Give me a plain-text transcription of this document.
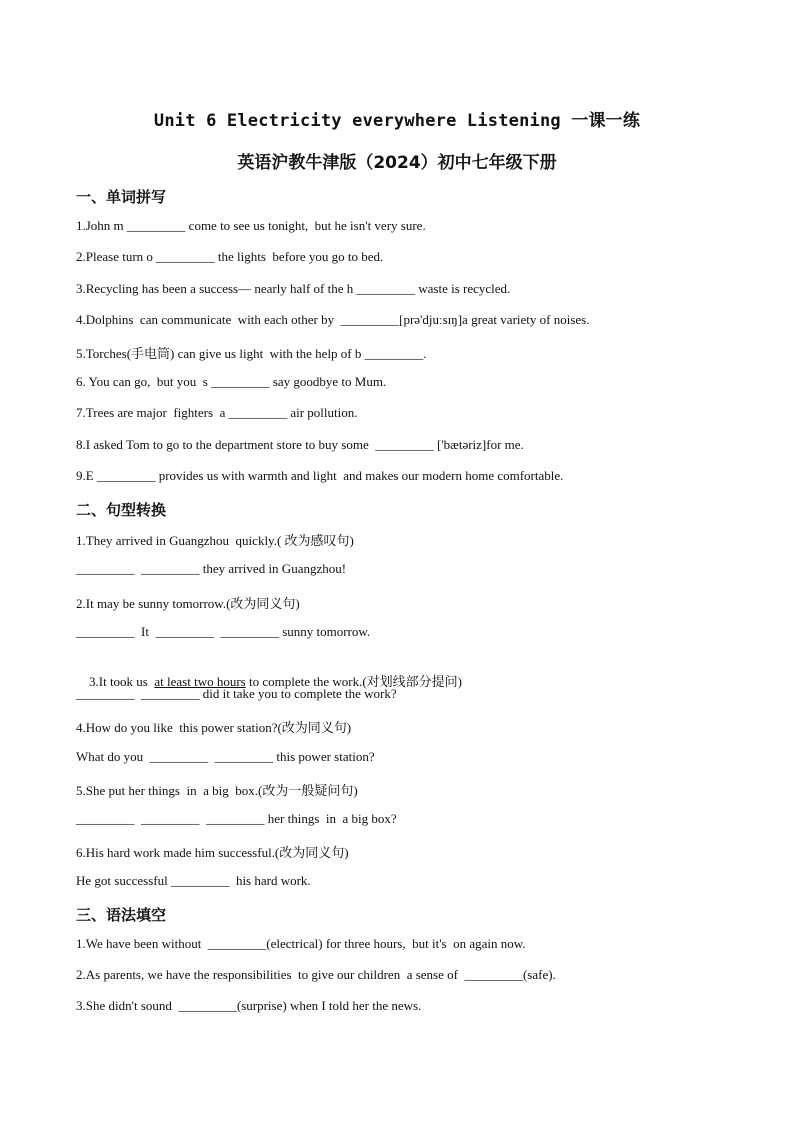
Unit 6 Electricity everywhere Listening 一课一练
英语沪教牛津版（2024）初中七年级下册
一、单词拼写
1.John m _________ come to see us tonight,  but he isn't very sure.
2.Please turn o _________ the lights  before you go to bed.
3.Recycling has been a success— nearly half of the h _________ waste is recycled.
4.Dolphins  can communicate  with each other by  _________[prə'djuːsɪŋ]a great variety of noises.
5.Torches(手电筒) can give us light  with the help of b _________.
6. You can go,  but you  s _________ say goodbye to Mum.
7.Trees are major  fighters  a _________ air pollution.
8.I asked Tom to go to the department store to buy some  _________ ['bætəriz]for me.
9.E _________ provides us with warmth and light  and makes our modern home comfortable.
二、句型转换
1.They arrived in Guangzhou  quickly.( 改为感叹句)
_________  _________ they arrived in Guangzhou!
2.It may be sunny tomorrow.(改为同义句)
_________  It  _________  _________ sunny tomorrow.

3.It took us  at least two hours to complete the work.(对划线部分提问)

_________  _________ did it take you to complete the work?
4.How do you like  this power station?(改为同义句)
What do you  _________  _________ this power station?
5.She put her things  in  a big  box.(改为一般疑问句)
_________  _________  _________ her things  in  a big box?
6.His hard work made him successful.(改为同义句)
He got successful _________  his hard work.
三、语法填空
1.We have been without  _________(electrical) for three hours,  but it's  on again now.
2.As parents, we have the responsibilities  to give our children  a sense of  _________(safe).
3.She didn't sound  _________(surprise) when I told her the news.
